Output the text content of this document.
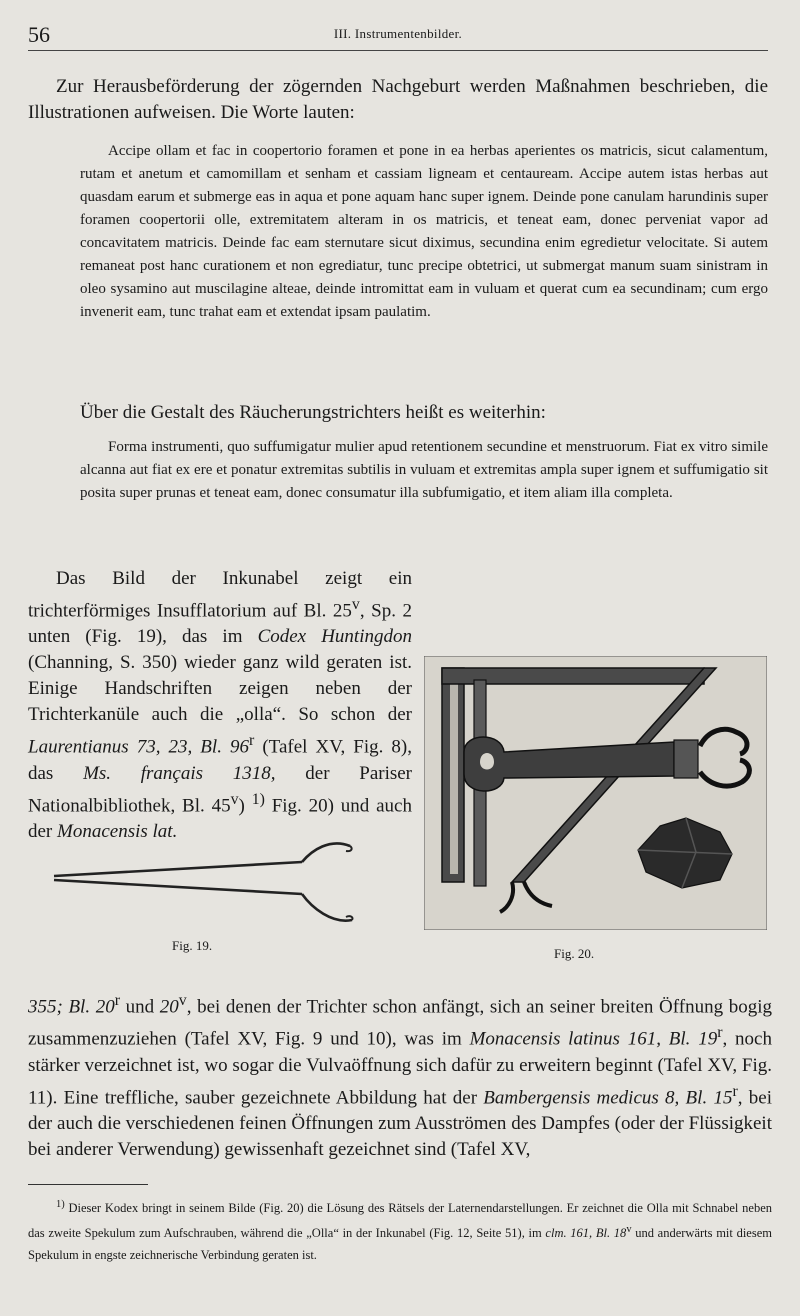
56	III. Instrumentenbilder.

Zur Herausbeförderung der zögernden Nachgeburt werden Maßnahmen beschrieben, die Illustrationen aufweisen. Die Worte lauten:

Accipe ollam et fac in coopertorio foramen et pone in ea herbas aperientes os matricis, sicut calamentum, rutam et anetum et camomillam et senham et cassiam ligneam et centauream. Accipe autem istas herbas aut quasdam earum et submerge eas in aqua et pone aquam hanc super ignem. Deinde pone canulam harundinis super foramen coopertorii olle, extremitatem alteram in os matricis, et teneat eam, donec perveniat vapor ad concavitatem matricis. Deinde fac eam sternutare sicut diximus, secundina enim egredietur velocitate. Si autem remaneat post hanc curationem et non egrediatur, tunc precipe obtetrici, ut submergat manum suam sinistram in oleo sysamino aut muscilagine alteae, deinde intromittat eam in vuluam et querat cum ea secundinam; cum ergo invenerit eam, tunc trahat eam et extendat ipsam paulatim.

Über die Gestalt des Räucherungstrichters heißt es weiterhin:

Forma instrumenti, quo suffumigatur mulier apud retentionem secundine et menstruorum. Fiat ex vitro simile alcanna aut fiat ex ere et ponatur extremitas subtilis in vuluam et extremitas ampla super ignem et suffumigatio sit posita super prunas et teneat eam, donec consumatur illa subfumigatio, et item aliam illa completa.

Das Bild der Inkunabel zeigt ein trichterförmiges Insufflatorium auf Bl. 25$^v$, Sp. 2 unten (Fig. 19), das im Codex Huntingdon (Channing, S. 350) wieder ganz wild geraten ist. Einige Handschriften zeigen neben der Trichterkanüle auch die „olla“. So schon der Laurentianus 73, 23, Bl. 96$^r$ (Tafel XV, Fig. 8), das Ms. français 1318, der Pariser Nationalbibliothek, Bl. 45$^v$) $^{1)}$ Fig. 20) und auch der Monacensis lat.

Fig. 19.
Fig. 20.

355; Bl. 20$^r$ und 20$^v$, bei denen der Trichter schon anfängt, sich an seiner breiten Öffnung bogig zusammenzuziehen (Tafel XV, Fig. 9 und 10), was im Monacensis latinus 161, Bl. 19$^r$, noch stärker verzeichnet ist, wo sogar die Vulvaöffnung sich dafür zu erweitern beginnt (Tafel XV, Fig. 11). Eine treffliche, sauber gezeichnete Abbildung hat der Bambergensis medicus 8, Bl. 15$^r$, bei der auch die verschiedenen feinen Öffnungen zum Ausströmen des Dampfes (oder der Flüssigkeit bei anderer Verwendung) gewissenhaft gezeichnet sind (Tafel XV,

$^{1)}$ Dieser Kodex bringt in seinem Bilde (Fig. 20) die Lösung des Rätsels der Laternendarstellungen. Er zeichnet die Olla mit Schnabel neben das zweite Spekulum zum Aufschrauben, während die „Olla“ in der Inkunabel (Fig. 12, Seite 51), im clm. 161, Bl. 18$^v$ und anderwärts mit diesem Spekulum in engste zeichnerische Verbindung geraten ist.
